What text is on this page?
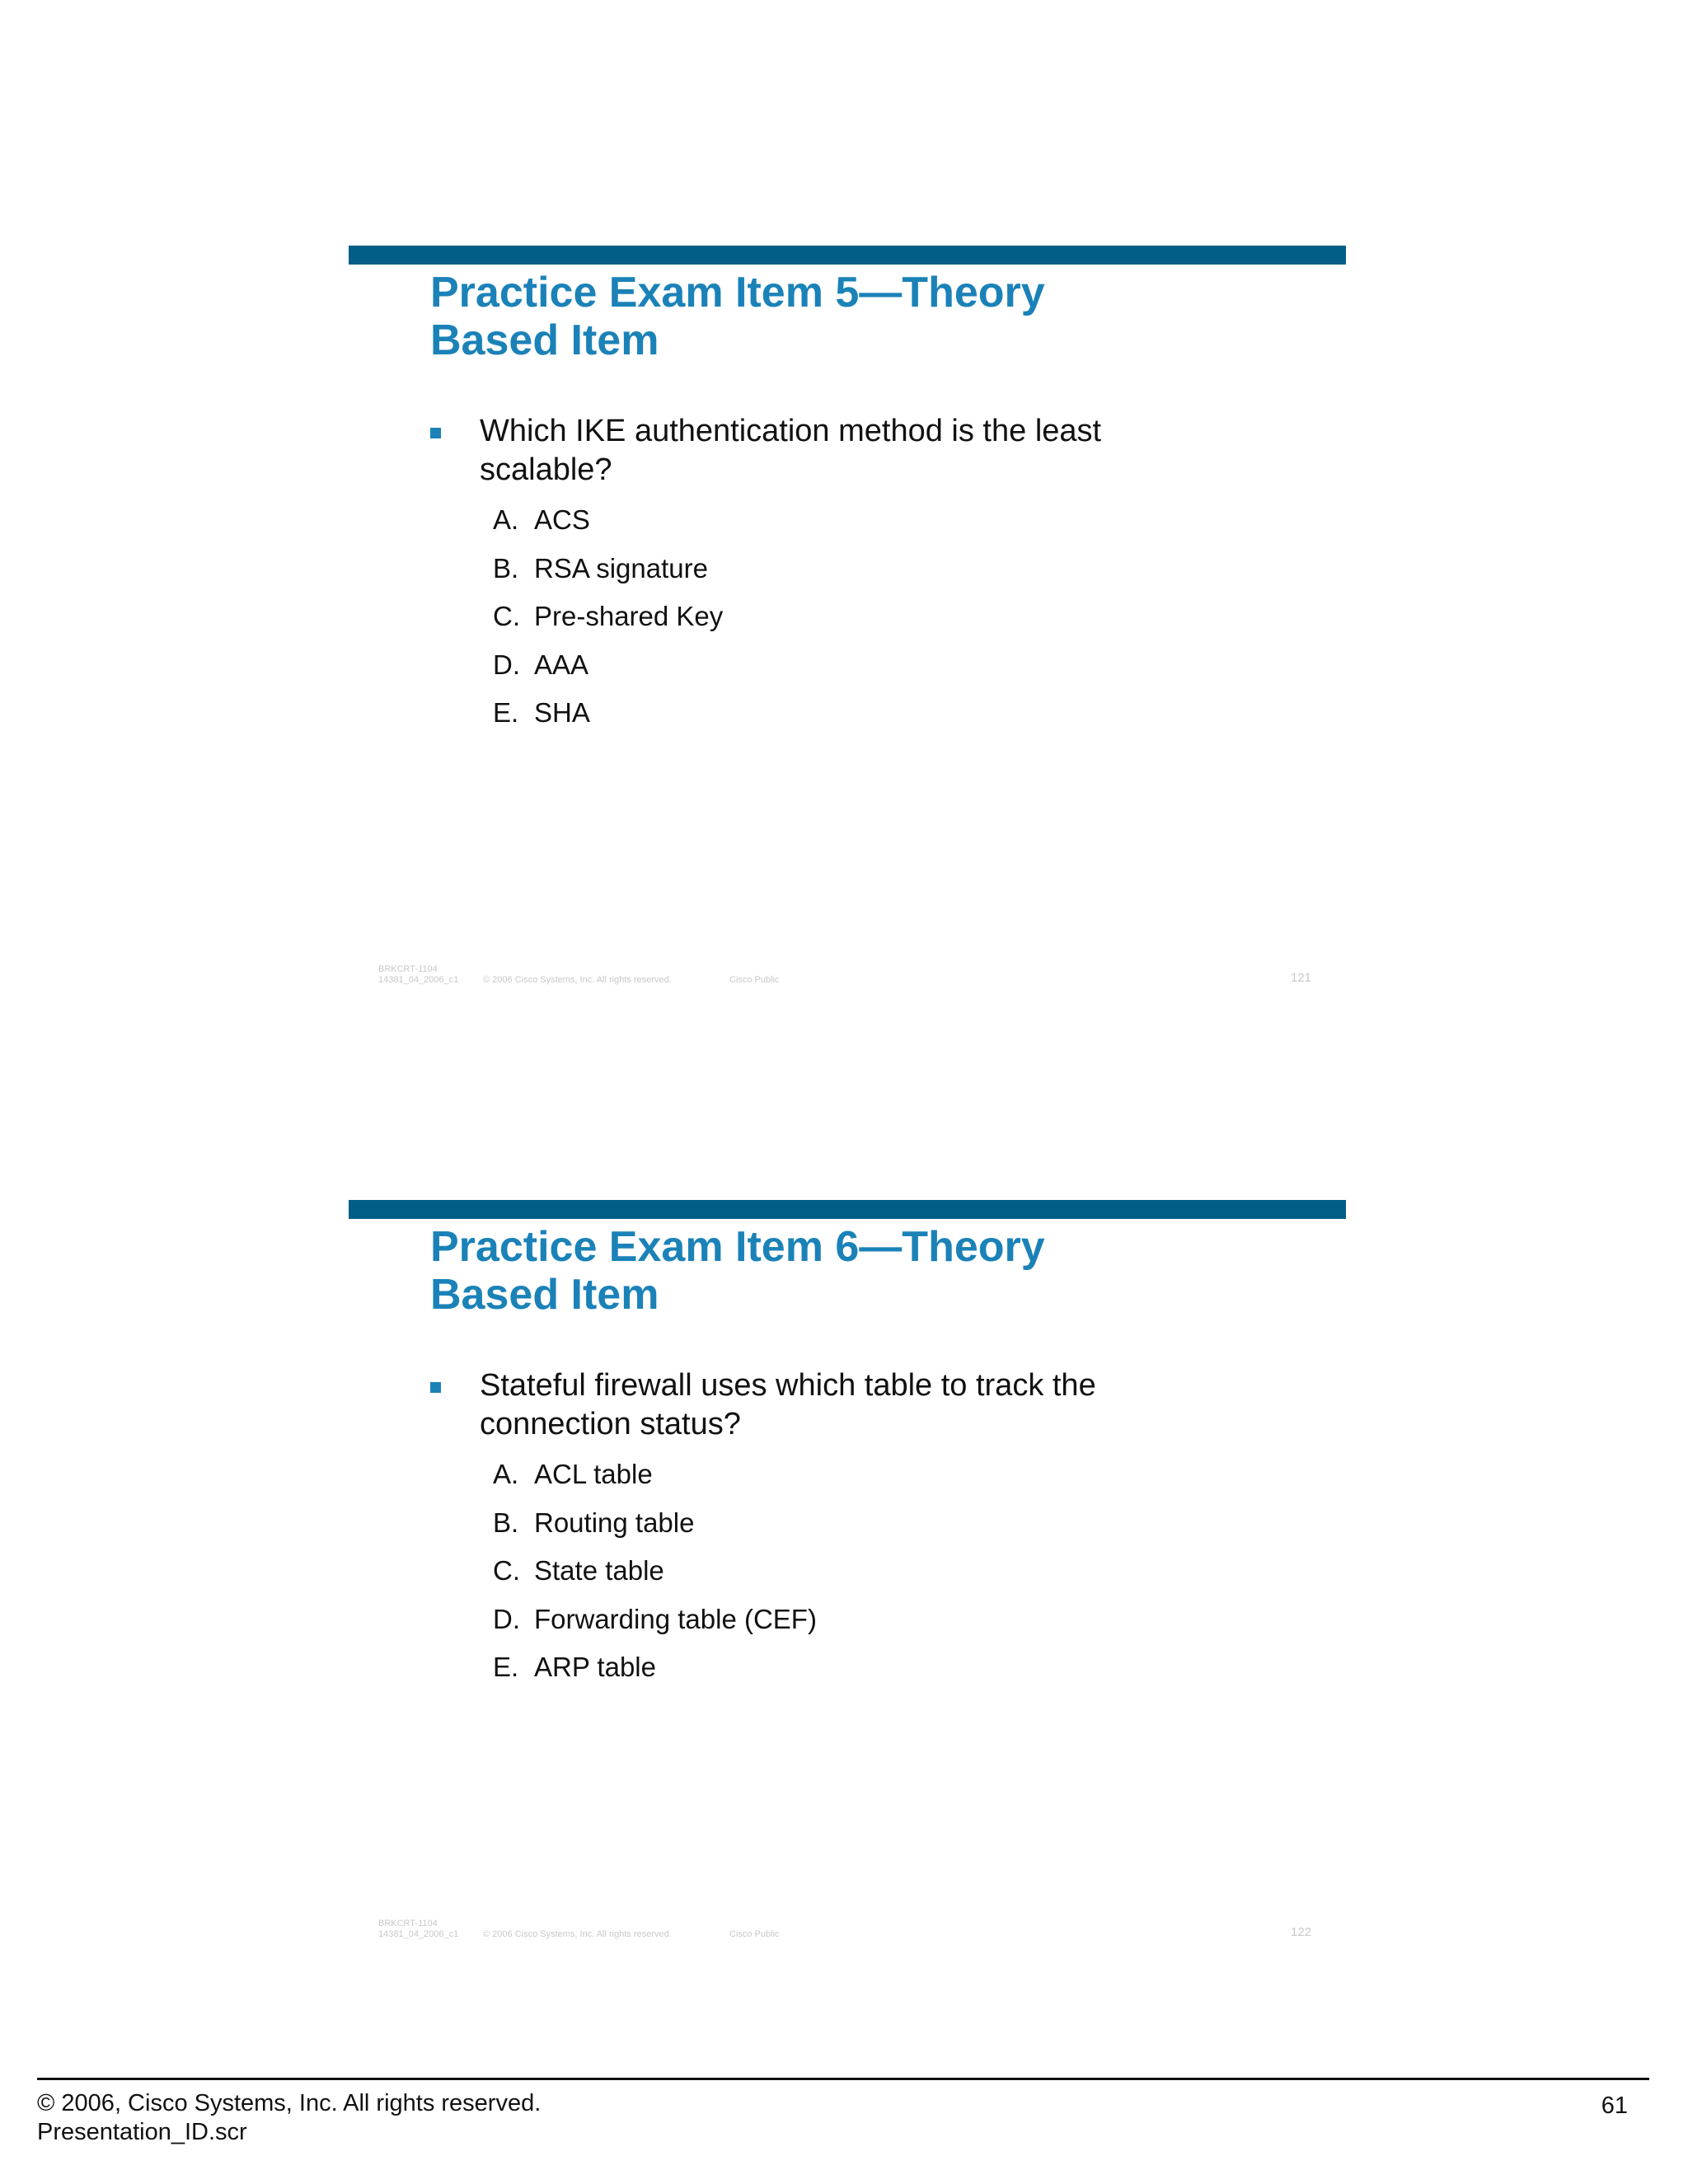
Practice Exam Item 5—Theory
Based Item
Which IKE authentication method is the least
scalable?
A. ACS
B. RSA signature
C. Pre-shared Key
D. AAA
E. SHA
BRKCRT-1104
14381_04_2006_c1	© 2006 Cisco Systems, Inc. All rights reserved.	Cisco Public	121
Practice Exam Item 6—Theory
Based Item
Stateful firewall uses which table to track the
connection status?
A. ACL table
B. Routing table
C. State table
D. Forwarding table (CEF)
E. ARP table
BRKCRT-1104
14381_04_2006_c1	© 2006 Cisco Systems, Inc. All rights reserved.	Cisco Public	122
© 2006, Cisco Systems, Inc. All rights reserved.
Presentation_ID.scr
61
